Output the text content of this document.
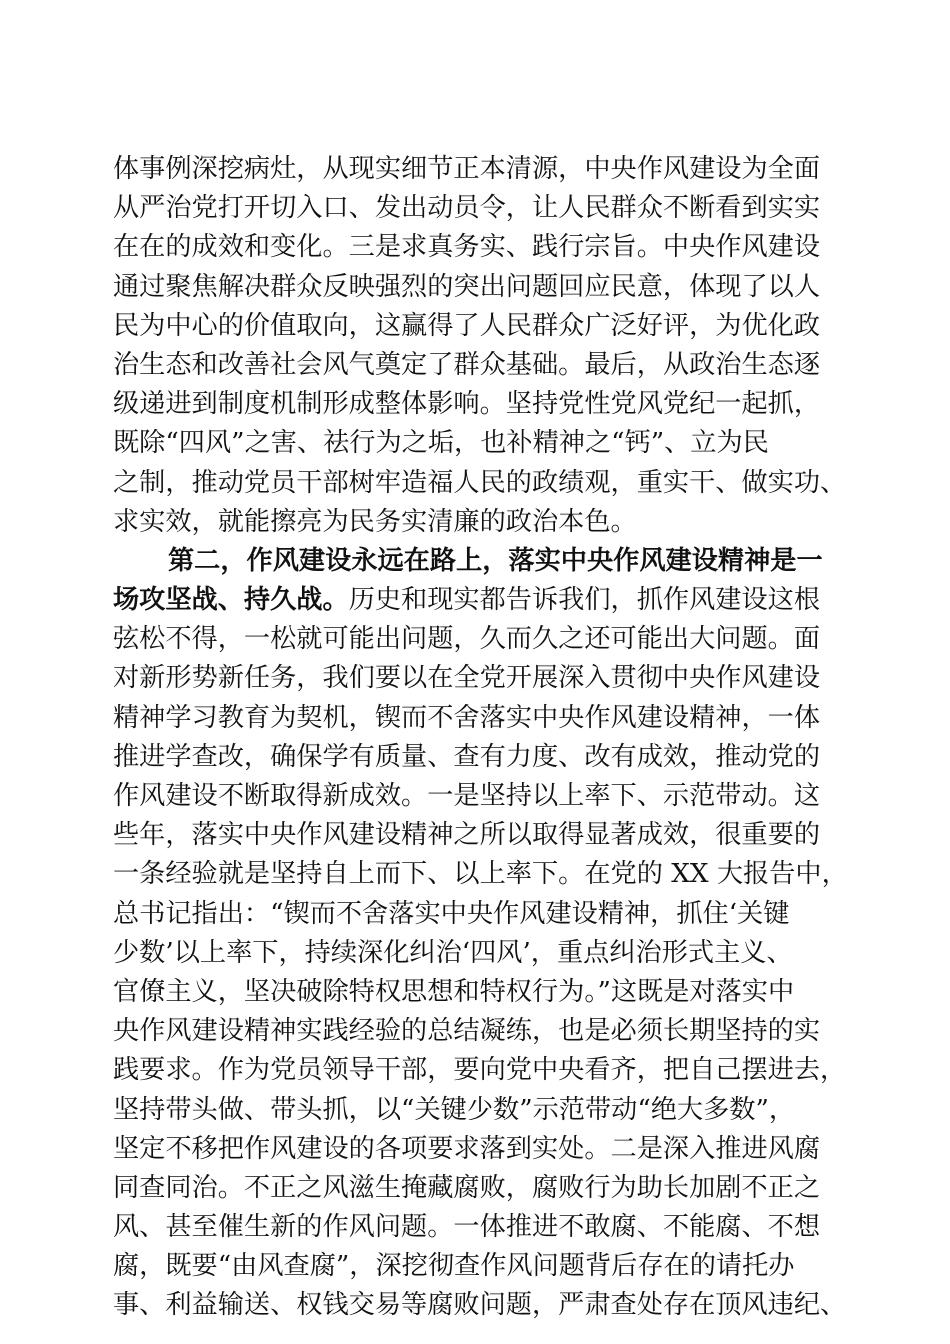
体事例深挖病灶，从现实细节正本清源，中央作风建设为全面
从严治党打开切入口、发出动员令，让人民群众不断看到实实
在在的成效和变化。三是求真务实、践行宗旨。中央作风建设
通过聚焦解决群众反映强烈的突出问题回应民意，体现了以人
民为中心的价值取向，这赢得了人民群众广泛好评，为优化政
治生态和改善社会风气奠定了群众基础。最后，从政治生态逐
级递进到制度机制形成整体影响。坚持党性党风党纪一起抓，
既除“四风”之害、祛行为之垢，也补精神之“钙”、立为民
之制，推动党员干部树牢造福人民的政绩观，重实干、做实功、
求实效，就能擦亮为民务实清廉的政治本色。
第二，作风建设永远在路上，落实中央作风建设精神是一
场攻坚战、持久战。历史和现实都告诉我们，抓作风建设这根
弦松不得，一松就可能出问题，久而久之还可能出大问题。面
对新形势新任务，我们要以在全党开展深入贯彻中央作风建设
精神学习教育为契机，锲而不舍落实中央作风建设精神，一体
推进学查改，确保学有质量、查有力度、改有成效，推动党的
作风建设不断取得新成效。一是坚持以上率下、示范带动。这
些年，落实中央作风建设精神之所以取得显著成效，很重要的
一条经验就是坚持自上而下、以上率下。在党的 XX 大报告中，
总书记指出：“锲而不舍落实中央作风建设精神，抓住‘关键
少数’以上率下，持续深化纠治‘四风’，重点纠治形式主义、
官僚主义，坚决破除特权思想和特权行为。”这既是对落实中
央作风建设精神实践经验的总结凝练，也是必须长期坚持的实
践要求。作为党员领导干部，要向党中央看齐，把自己摆进去，
坚持带头做、带头抓，以“关键少数”示范带动“绝大多数”，
坚定不移把作风建设的各项要求落到实处。二是深入推进风腐
同查同治。不正之风滋生掩藏腐败，腐败行为助长加剧不正之
风、甚至催生新的作风问题。一体推进不敢腐、不能腐、不想
腐，既要“由风查腐”，深挖彻查作风问题背后存在的请托办
事、利益输送、权钱交易等腐败问题，严肃查处存在顶风违纪、
